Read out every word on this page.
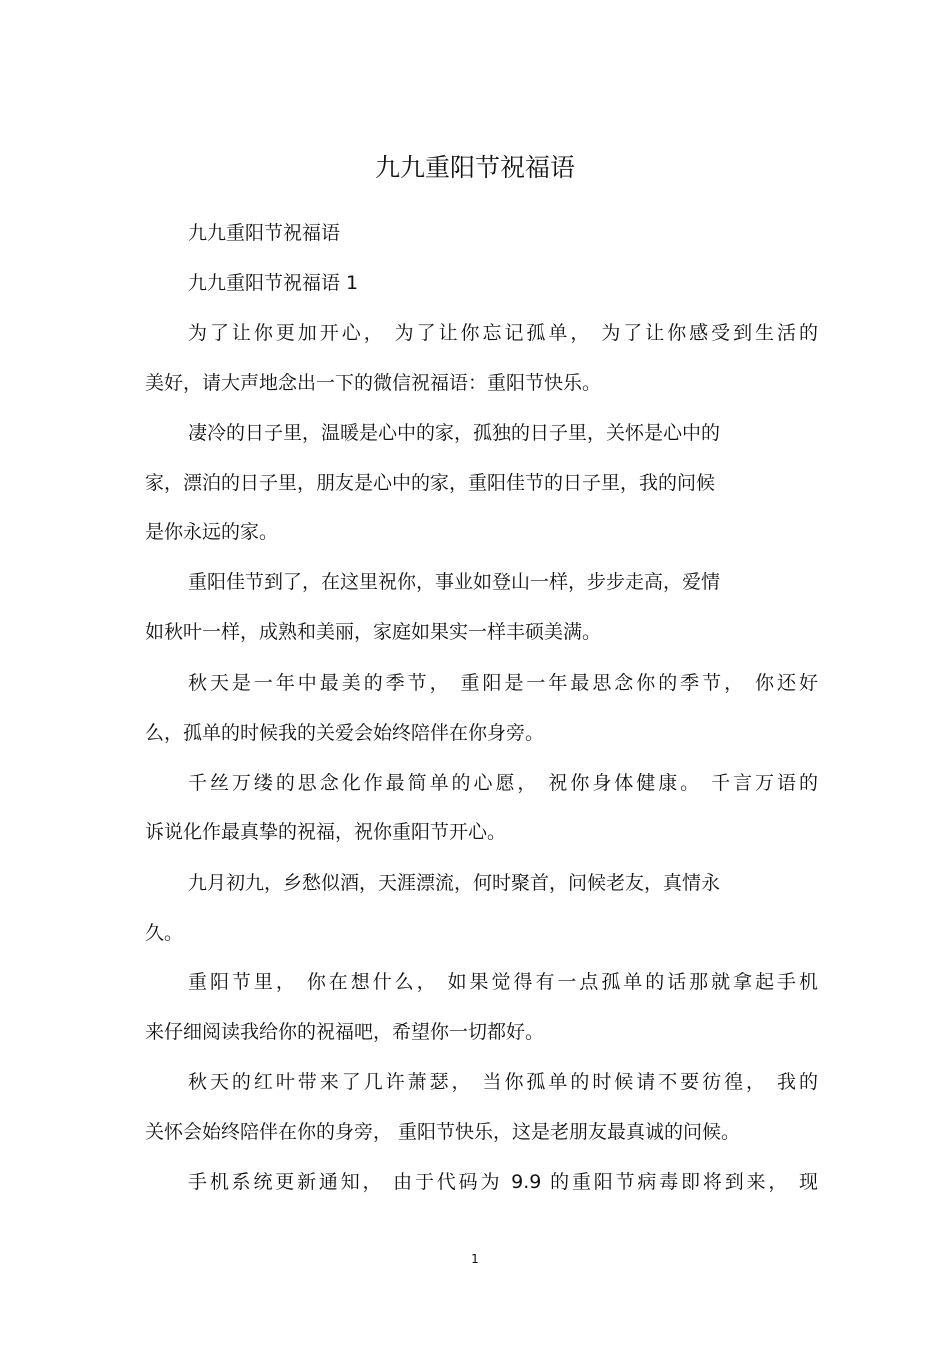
九九重阳节祝福语
九九重阳节祝福语
九九重阳节祝福语 1
为了让你更加开心， 为了让你忘记孤单， 为了让你感受到生活的
美好，请大声地念出一下的微信祝福语：重阳节快乐。
凄冷的日子里，温暖是心中的家，孤独的日子里，关怀是心中的
家，漂泊的日子里，朋友是心中的家，重阳佳节的日子里，我的问候
是你永远的家。
重阳佳节到了，在这里祝你，事业如登山一样，步步走高，爱情
如秋叶一样，成熟和美丽，家庭如果实一样丰硕美满。
秋天是一年中最美的季节， 重阳是一年最思念你的季节， 你还好
么，孤单的时候我的关爱会始终陪伴在你身旁。
千丝万缕的思念化作最简单的心愿， 祝你身体健康。 千言万语的
诉说化作最真挚的祝福，祝你重阳节开心。
九月初九，乡愁似酒，天涯漂流，何时聚首，问候老友，真情永
久。
重阳节里， 你在想什么， 如果觉得有一点孤单的话那就拿起手机
来仔细阅读我给你的祝福吧，希望你一切都好。
秋天的红叶带来了几许萧瑟， 当你孤单的时候请不要彷徨， 我的
关怀会始终陪伴在你的身旁， 重阳节快乐，这是老朋友最真诚的问候。
手机系统更新通知， 由于代码为 9.9 的重阳节病毒即将到来， 现
1
